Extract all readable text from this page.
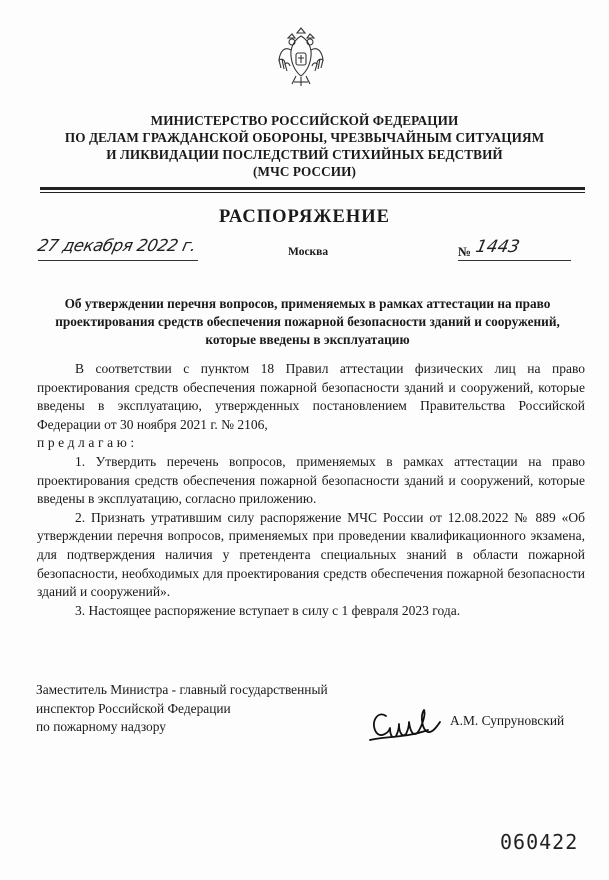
МИНИСТЕРСТВО РОССИЙСКОЙ ФЕДЕРАЦИИ
ПО ДЕЛАМ ГРАЖДАНСКОЙ ОБОРОНЫ, ЧРЕЗВЫЧАЙНЫМ СИТУАЦИЯМ
И ЛИКВИДАЦИИ ПОСЛЕДСТВИЙ СТИХИЙНЫХ БЕДСТВИЙ
(МЧС РОССИИ)
РАСПОРЯЖЕНИЕ
27 декабря 2022 г.	Москва	№ 1443
Об утверждении перечня вопросов, применяемых в рамках аттестации на право проектирования средств обеспечения пожарной безопасности зданий и сооружений, которые введены в эксплуатацию

В соответствии с пунктом 18 Правил аттестации физических лиц на право проектирования средств обеспечения пожарной безопасности зданий и сооружений, которые введены в эксплуатацию, утвержденных постановлением Правительства Российской Федерации от 30 ноября 2021 г. № 2106,
предлагаю:

1. Утвердить перечень вопросов, применяемых в рамках аттестации на право проектирования средств обеспечения пожарной безопасности зданий и сооружений, которые введены в эксплуатацию, согласно приложению.

2. Признать утратившим силу распоряжение МЧС России от 12.08.2022 № 889 «Об утверждении перечня вопросов, применяемых при проведении квалификационного экзамена, для подтверждения наличия у претендента специальных знаний в области пожарной безопасности, необходимых для проектирования средств обеспечения пожарной безопасности зданий и сооружений».

3. Настоящее распоряжение вступает в силу с 1 февраля 2023 года.

Заместитель Министра - главный государственный
инспектор Российской Федерации
по пожарному надзору	А.М. Супруновский
060422
